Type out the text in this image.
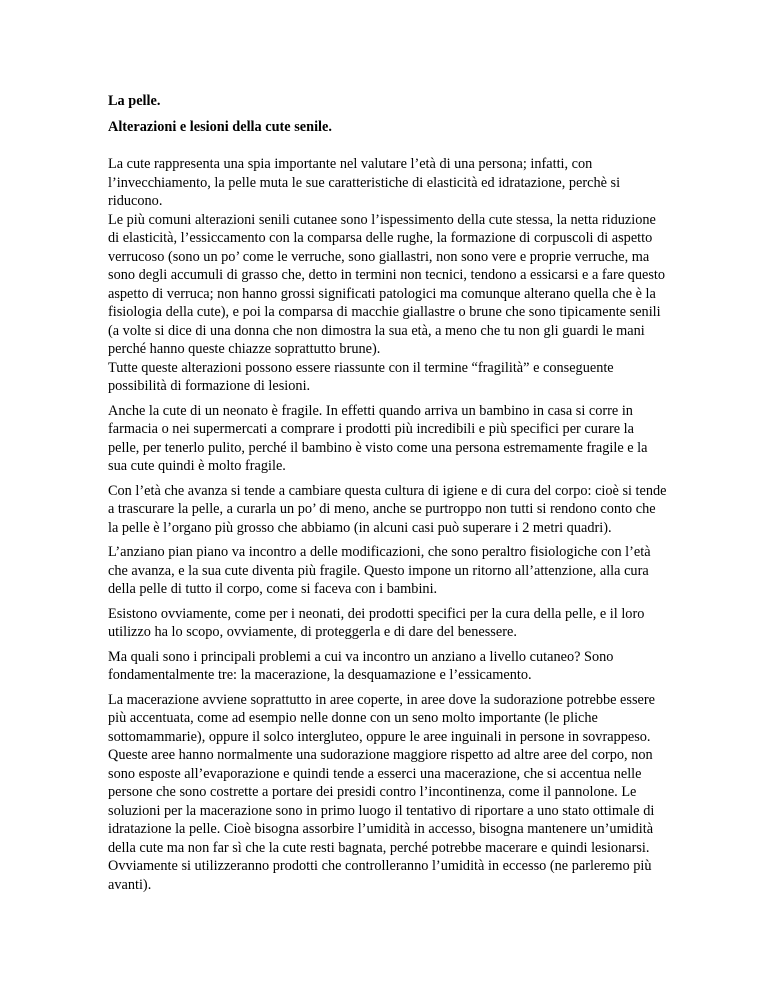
La pelle.

Alterazioni e lesioni della cute senile.

La cute rappresenta una spia importante nel valutare l’età di una persona; infatti, con l’invecchiamento, la pelle muta le sue caratteristiche di elasticità ed idratazione, perchè si riducono.

Le più comuni alterazioni senili cutanee sono l’ispessimento della cute stessa, la netta riduzione di elasticità, l’essiccamento con la comparsa delle rughe, la formazione di corpuscoli di aspetto verrucoso (sono un po’ come le verruche, sono giallastri, non sono vere e proprie verruche, ma sono degli accumuli di grasso che, detto in termini non tecnici, tendono a essicarsi e a fare questo aspetto di verruca; non hanno grossi significati patologici ma comunque alterano quella che è la fisiologia della cute), e poi la comparsa di macchie giallastre o brune che sono tipicamente senili (a volte si dice di una donna che non dimostra la sua età, a meno che tu non gli guardi le mani perché hanno queste chiazze soprattutto brune).

Tutte queste alterazioni possono essere riassunte con il termine “fragilità” e conseguente possibilità di formazione di lesioni.

Anche la cute di un neonato è fragile. In effetti quando arriva un bambino in casa si corre in farmacia o nei supermercati a comprare i prodotti più incredibili e più specifici per curare la pelle, per tenerlo pulito, perché il bambino è visto come una persona estremamente fragile e la sua cute quindi è molto fragile.

Con l’età che avanza si tende a cambiare questa cultura di igiene e di cura del corpo: cioè si tende a trascurare la pelle, a curarla un po’ di meno, anche se purtroppo non tutti si rendono conto che la pelle è l’organo più grosso che abbiamo (in alcuni casi può superare i 2 metri quadri).

L’anziano pian piano va incontro a delle modificazioni, che sono peraltro fisiologiche con l’età che avanza, e la sua cute diventa più fragile. Questo impone un ritorno all’attenzione, alla cura della pelle di tutto il corpo, come si faceva con i bambini.

Esistono ovviamente, come per i neonati, dei prodotti specifici per la cura della pelle, e il loro utilizzo ha lo scopo, ovviamente, di proteggerla e di dare del benessere.

Ma quali sono i principali problemi a cui va incontro un anziano a livello cutaneo? Sono fondamentalmente tre: la macerazione, la desquamazione e l’essicamento.

La macerazione avviene soprattutto in aree coperte, in aree dove la sudorazione potrebbe essere più accentuata, come ad esempio nelle donne con un seno molto importante (le pliche sottomammarie), oppure il solco intergluteo, oppure le aree inguinali in persone in sovrappeso. Queste aree hanno normalmente una sudorazione maggiore rispetto ad altre aree del corpo, non sono esposte all’evaporazione e quindi tende a esserci una macerazione, che si accentua nelle persone che sono costrette a portare dei presidi contro l’incontinenza, come il pannolone. Le soluzioni per la macerazione sono in primo luogo il tentativo di riportare a uno stato ottimale di idratazione la pelle. Cioè bisogna assorbire l’umidità in accesso, bisogna mantenere un’umidità della cute ma non far sì che la cute resti bagnata, perché potrebbe macerare e quindi lesionarsi. Ovviamente si utilizzeranno prodotti che controlleranno l’umidità in eccesso (ne parleremo più avanti).
